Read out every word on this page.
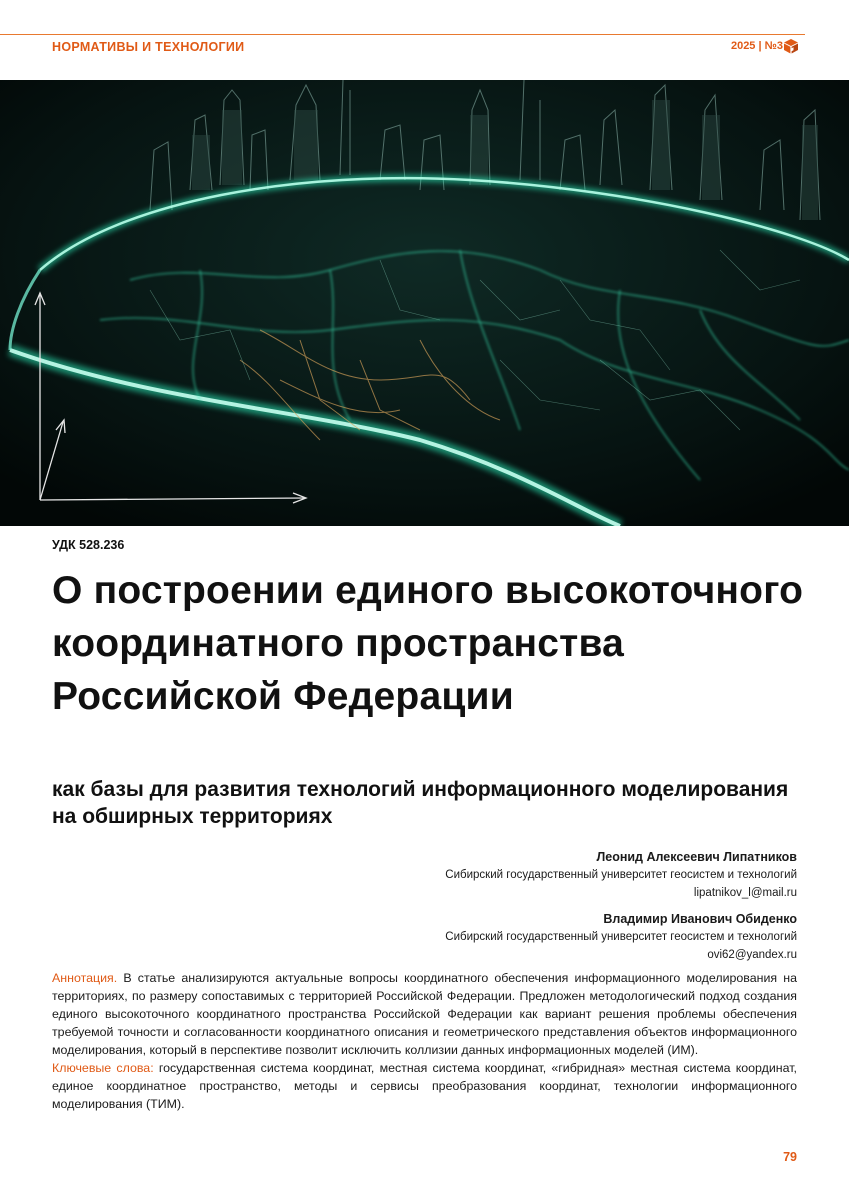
НОРМАТИВЫ И ТЕХНОЛОГИИ	2025 | №3
УДК 528.236
О построении единого высокоточного координатного пространства Российской Федерации
как базы для развития технологий информационного моделирования на обширных территориях
Леонид Алексеевич Липатников
Сибирский государственный университет геосистем и технологий
lipatnikov_l@mail.ru
Владимир Иванович Обиденко
Сибирский государственный университет геосистем и технологий
ovi62@yandex.ru

Аннотация. В статье анализируются актуальные вопросы координатного обеспечения информационного моделирования на территориях, по размеру сопоставимых с территорией Российской Федерации. Предложен методологический подход создания единого высокоточного координатного пространства Российской Федерации как вариант решения проблемы обеспечения требуемой точности и согласованности координатного описания и геометрического представления объектов информационного моделирования, который в перспективе позволит исключить коллизии данных информационных моделей (ИМ).

Ключевые слова: государственная система координат, местная система координат, «гибридная» местная система координат, единое координатное пространство, методы и сервисы преобразования координат, технологии информационного моделирования (ТИМ).

79
